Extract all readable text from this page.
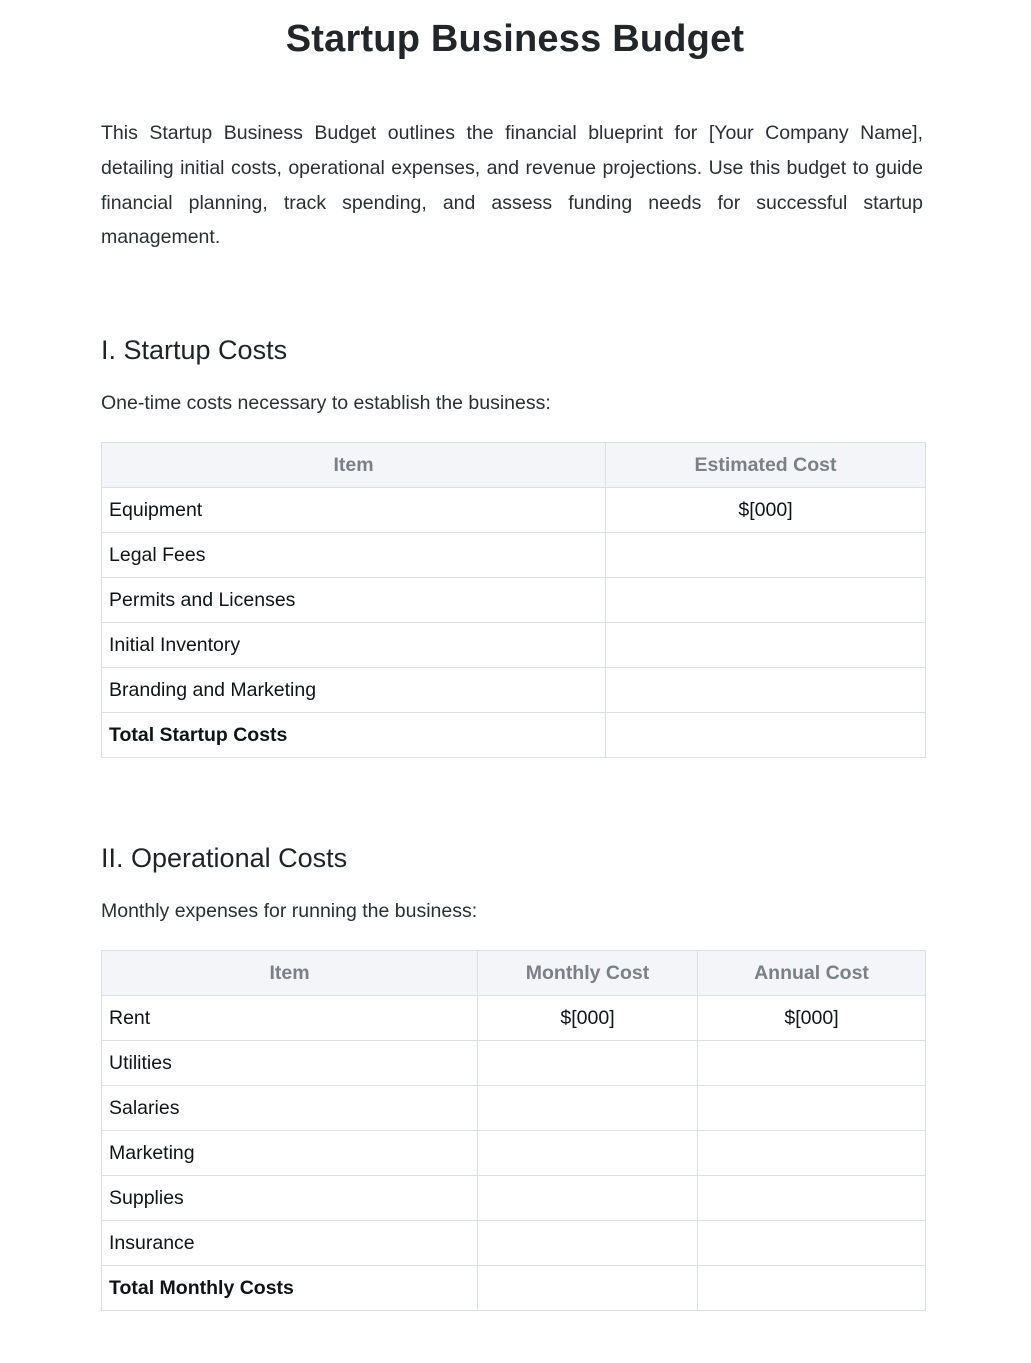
Startup Business Budget

This Startup Business Budget outlines the financial blueprint for [Your Company Name], detailing initial costs, operational expenses, and revenue projections. Use this budget to guide financial planning, track spending, and assess funding needs for successful startup management.

I. Startup Costs

One-time costs necessary to establish the business:

Item	Estimated Cost
Equipment	$[000]
Legal Fees	
Permits and Licenses	
Initial Inventory	
Branding and Marketing	
Total Startup Costs	
II. Operational Costs

Monthly expenses for running the business:

Item	Monthly Cost	Annual Cost
Rent	$[000]	$[000]
Utilities		
Salaries		
Marketing		
Supplies		
Insurance		
Total Monthly Costs		
